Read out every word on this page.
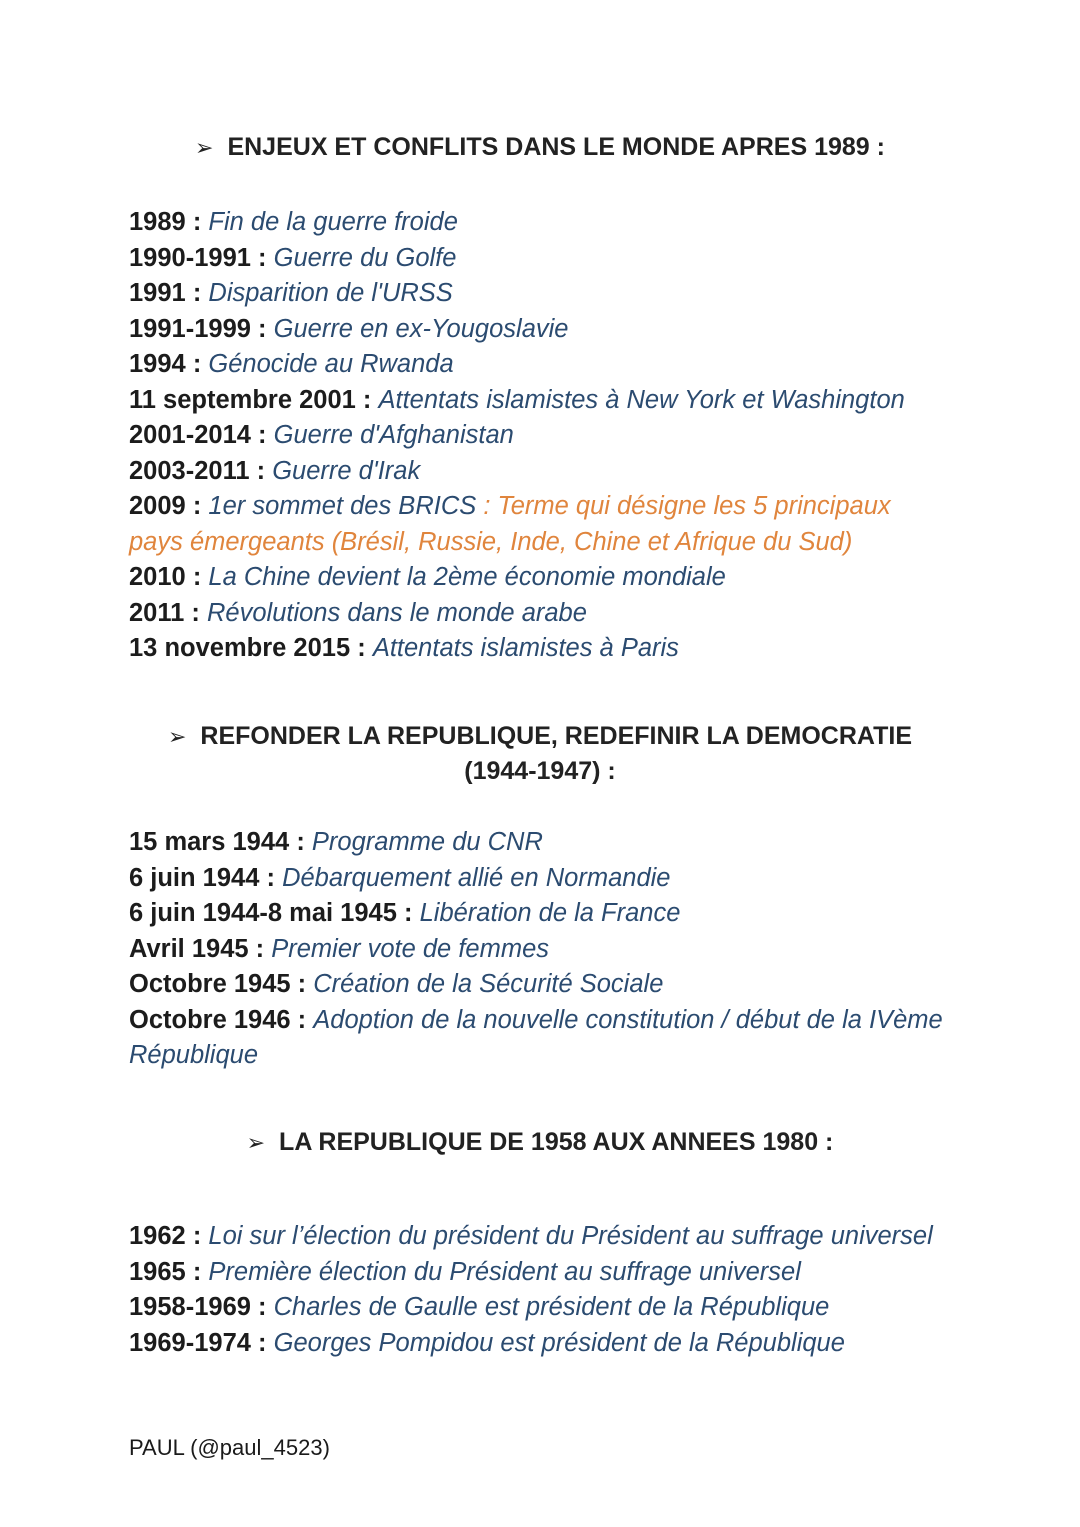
➢ ENJEUX ET CONFLITS DANS LE MONDE APRES 1989 :
1989 : Fin de la guerre froide
1990-1991 : Guerre du Golfe
1991 : Disparition de l'URSS
1991-1999 : Guerre en ex-Yougoslavie
1994 : Génocide au Rwanda
11 septembre 2001 : Attentats islamistes à New York et Washington
2001-2014 : Guerre d'Afghanistan
2003-2011 : Guerre d'Irak
2009 : 1er sommet des BRICS : Terme qui désigne les 5 principaux pays émergeants (Brésil, Russie, Inde, Chine et Afrique du Sud)
2010 : La Chine devient la 2ème économie mondiale
2011 : Révolutions dans le monde arabe
13 novembre 2015 : Attentats islamistes à Paris
➢ REFONDER LA REPUBLIQUE, REDEFINIR LA DEMOCRATIE
(1944-1947) :
15 mars 1944 : Programme du CNR
6 juin 1944 : Débarquement allié en Normandie
6 juin 1944-8 mai 1945 : Libération de la France
Avril 1945 : Premier vote de femmes
Octobre 1945 : Création de la Sécurité Sociale
Octobre 1946 : Adoption de la nouvelle constitution / début de la IVème République
➢ LA REPUBLIQUE DE 1958 AUX ANNEES 1980 :
1962 : Loi sur l’élection du président du Président au suffrage universel
1965 : Première élection du Président au suffrage universel
1958-1969 : Charles de Gaulle est président de la République
1969-1974 : Georges Pompidou est président de la République
PAUL (@paul_4523)
